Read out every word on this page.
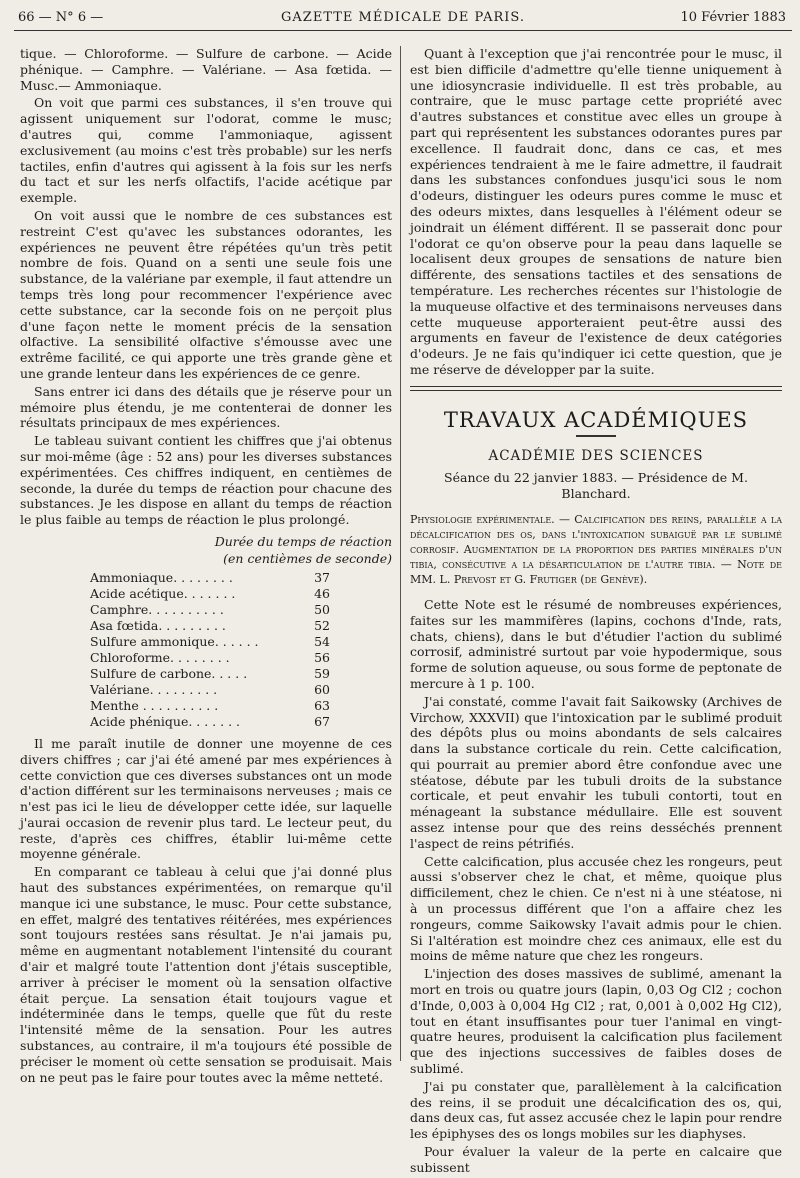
66 — N° 6 —	GAZETTE MÉDICALE DE PARIS.	10 Février 1883

tique. — Chloroforme. — Sulfure de carbone. — Acide phénique. — Camphre. — Valériane. — Asa fœtida. — Musc.— Ammoniaque.

On voit que parmi ces substances, il s'en trouve qui agissent uniquement sur l'odorat, comme le musc; d'autres qui, comme l'ammoniaque, agissent exclusivement (au moins c'est très probable) sur les nerfs tactiles, enfin d'autres qui agissent à la fois sur les nerfs du tact et sur les nerfs olfactifs, l'acide acétique par exemple.

On voit aussi que le nombre de ces substances est restreint C'est qu'avec les substances odorantes, les expériences ne peuvent être répétées qu'un très petit nombre de fois. Quand on a senti une seule fois une substance, de la valériane par exemple, il faut attendre un temps très long pour recommencer l'expérience avec cette substance, car la seconde fois on ne perçoit plus d'une façon nette le moment précis de la sensation olfactive. La sensibilité olfactive s'émousse avec une extrême facilité, ce qui apporte une très grande gène et une grande lenteur dans les expériences de ce genre.

Sans entrer ici dans des détails que je réserve pour un mémoire plus étendu, je me contenterai de donner les résultats principaux de mes expériences.

Le tableau suivant contient les chiffres que j'ai obtenus sur moi-même (âge : 52 ans) pour les diverses substances expérimentées. Ces chiffres indiquent, en centièmes de seconde, la durée du temps de réaction pour chacune des substances. Je les dispose en allant du temps de réaction le plus faible au temps de réaction le plus prolongé.

Durée du temps de réaction
(en centièmes de seconde)
Ammoniaque. . . . . . . .	37
Acide acétique. . . . . . .	46
Camphre. . . . . . . . . .	50
Asa fœtida. . . . . . . . .	52
Sulfure ammonique. . . . . .	54
Chloroforme. . . . . . . .	56
Sulfure de carbone. . . . .	59
Valériane. . . . . . . . .	60
Menthe . . . . . . . . . .	63
Acide phénique. . . . . . .	67

Il me paraît inutile de donner une moyenne de ces divers chiffres ; car j'ai été amené par mes expériences à cette conviction que ces diverses substances ont un mode d'action différent sur les terminaisons nerveuses ; mais ce n'est pas ici le lieu de développer cette idée, sur laquelle j'aurai occasion de revenir plus tard. Le lecteur peut, du reste, d'après ces chiffres, établir lui-même cette moyenne générale.

En comparant ce tableau à celui que j'ai donné plus haut des substances expérimentées, on remarque qu'il manque ici une substance, le musc. Pour cette substance, en effet, malgré des tentatives réitérées, mes expériences sont toujours restées sans résultat. Je n'ai jamais pu, même en augmentant notablement l'intensité du courant d'air et malgré toute l'attention dont j'étais susceptible, arriver à préciser le moment où la sensation olfactive était perçue. La sensation était toujours vague et indéterminée dans le temps, quelle que fût du reste l'intensité même de la sensation. Pour les autres substances, au contraire, il m'a toujours été possible de préciser le moment où cette sensation se produisait. Mais on ne peut pas le faire pour toutes avec la même netteté.

Quant à l'exception que j'ai rencontrée pour le musc, il est bien difficile d'admettre qu'elle tienne uniquement à une idiosyncrasie individuelle. Il est très probable, au contraire, que le musc partage cette propriété avec d'autres substances et constitue avec elles un groupe à part qui représentent les substances odorantes pures par excellence. Il faudrait donc, dans ce cas, et mes expériences tendraient à me le faire admettre, il faudrait dans les substances confondues jusqu'ici sous le nom d'odeurs, distinguer les odeurs pures comme le musc et des odeurs mixtes, dans lesquelles à l'élément odeur se joindrait un élément différent. Il se passerait donc pour l'odorat ce qu'on observe pour la peau dans laquelle se localisent deux groupes de sensations de nature bien différente, des sensations tactiles et des sensations de température. Les recherches récentes sur l'histologie de la muqueuse olfactive et des terminaisons nerveuses dans cette muqueuse apporteraient peut-être aussi des arguments en faveur de l'existence de deux catégories d'odeurs. Je ne fais qu'indiquer ici cette question, que je me réserve de développer par la suite.

TRAVAUX ACADÉMIQUES
ACADÉMIE DES SCIENCES
Séance du 22 janvier 1883. — Présidence de M. Blanchard.
Physiologie expérimentale. — Calcification des reins, parallèle a la décalcification des os, dans l'intoxication subaiguë par le sublimé corrosif. Augmentation de la proportion des parties minérales d'un tibia, consécutive a la désarticulation de l'autre tibia. — Note de MM. L. Prevost et G. Frutiger (de Genève).

Cette Note est le résumé de nombreuses expériences, faites sur les mammifères (lapins, cochons d'Inde, rats, chats, chiens), dans le but d'étudier l'action du sublimé corrosif, administré surtout par voie hypodermique, sous forme de solution aqueuse, ou sous forme de peptonate de mercure à 1 p. 100.

J'ai constaté, comme l'avait fait Saikowsky (Archives de Virchow, XXXVII) que l'intoxication par le sublimé produit des dépôts plus ou moins abondants de sels calcaires dans la substance corticale du rein. Cette calcification, qui pourrait au premier abord être confondue avec une stéatose, débute par les tubuli droits de la substance corticale, et peut envahir les tubuli contorti, tout en ménageant la substance médullaire. Elle est souvent assez intense pour que des reins desséchés prennent l'aspect de reins pétrifiés.

Cette calcification, plus accusée chez les rongeurs, peut aussi s'observer chez le chat, et même, quoique plus difficilement, chez le chien. Ce n'est ni à une stéatose, ni à un processus différent que l'on a affaire chez les rongeurs, comme Saikowsky l'avait admis pour le chien. Si l'altération est moindre chez ces animaux, elle est du moins de même nature que chez les rongeurs.

L'injection des doses massives de sublimé, amenant la mort en trois ou quatre jours (lapin, 0,03 Og Cl2 ; cochon d'Inde, 0,003 à 0,004 Hg Cl2 ; rat, 0,001 à 0,002 Hg Cl2), tout en étant insuffisantes pour tuer l'animal en vingt-quatre heures, produisent la calcification plus facilement que des injections successives de faibles doses de sublimé.

J'ai pu constater que, parallèlement à la calcification des reins, il se produit une décalcification des os, qui, dans deux cas, fut assez accusée chez le lapin pour rendre les épiphyses des os longs mobiles sur les diaphyses.

Pour évaluer la valeur de la perte en calcaire que subissent
